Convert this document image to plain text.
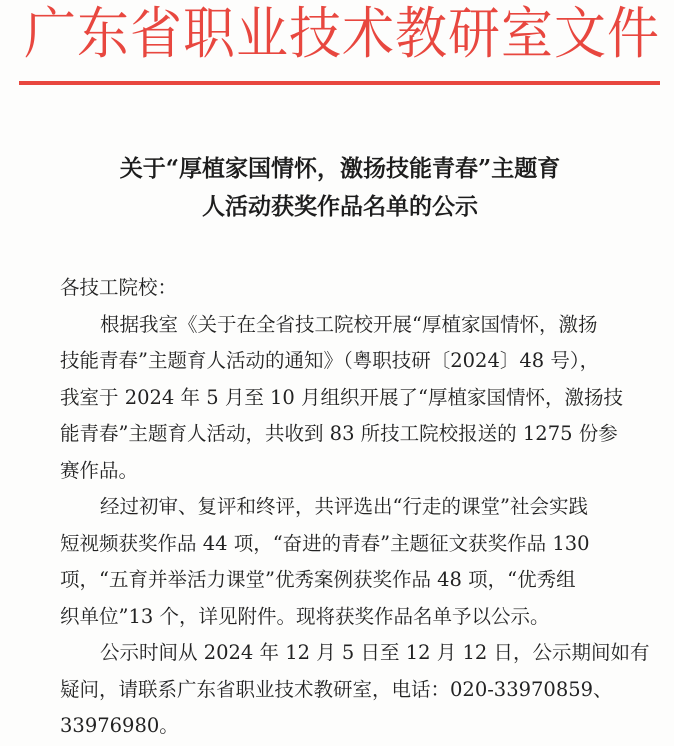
广东省职业技术教研室文件
关于“厚植家国情怀，激扬技能青春”主题育
人活动获奖作品名单的公示

各技工院校：

根据我室《关于在全省技工院校开展“厚植家国情怀，激扬
技能青春”主题育人活动的通知》（粤职技研〔2024〕48 号），
我室于 2024 年 5 月至 10 月组织开展了“厚植家国情怀，激扬技
能青春”主题育人活动，共收到 83 所技工院校报送的 1275 份参
赛作品。

经过初审、复评和终评，共评选出“行走的课堂”社会实践
短视频获奖作品 44 项，“奋进的青春”主题征文获奖作品 130
项，“五育并举活力课堂”优秀案例获奖作品 48 项，“优秀组
织单位”13 个，详见附件。现将获奖作品名单予以公示。

公示时间从 2024 年 12 月 5 日至 12 月 12 日，公示期间如有
疑问，请联系广东省职业技术教研室，电话：020-33970859、
33976980。
